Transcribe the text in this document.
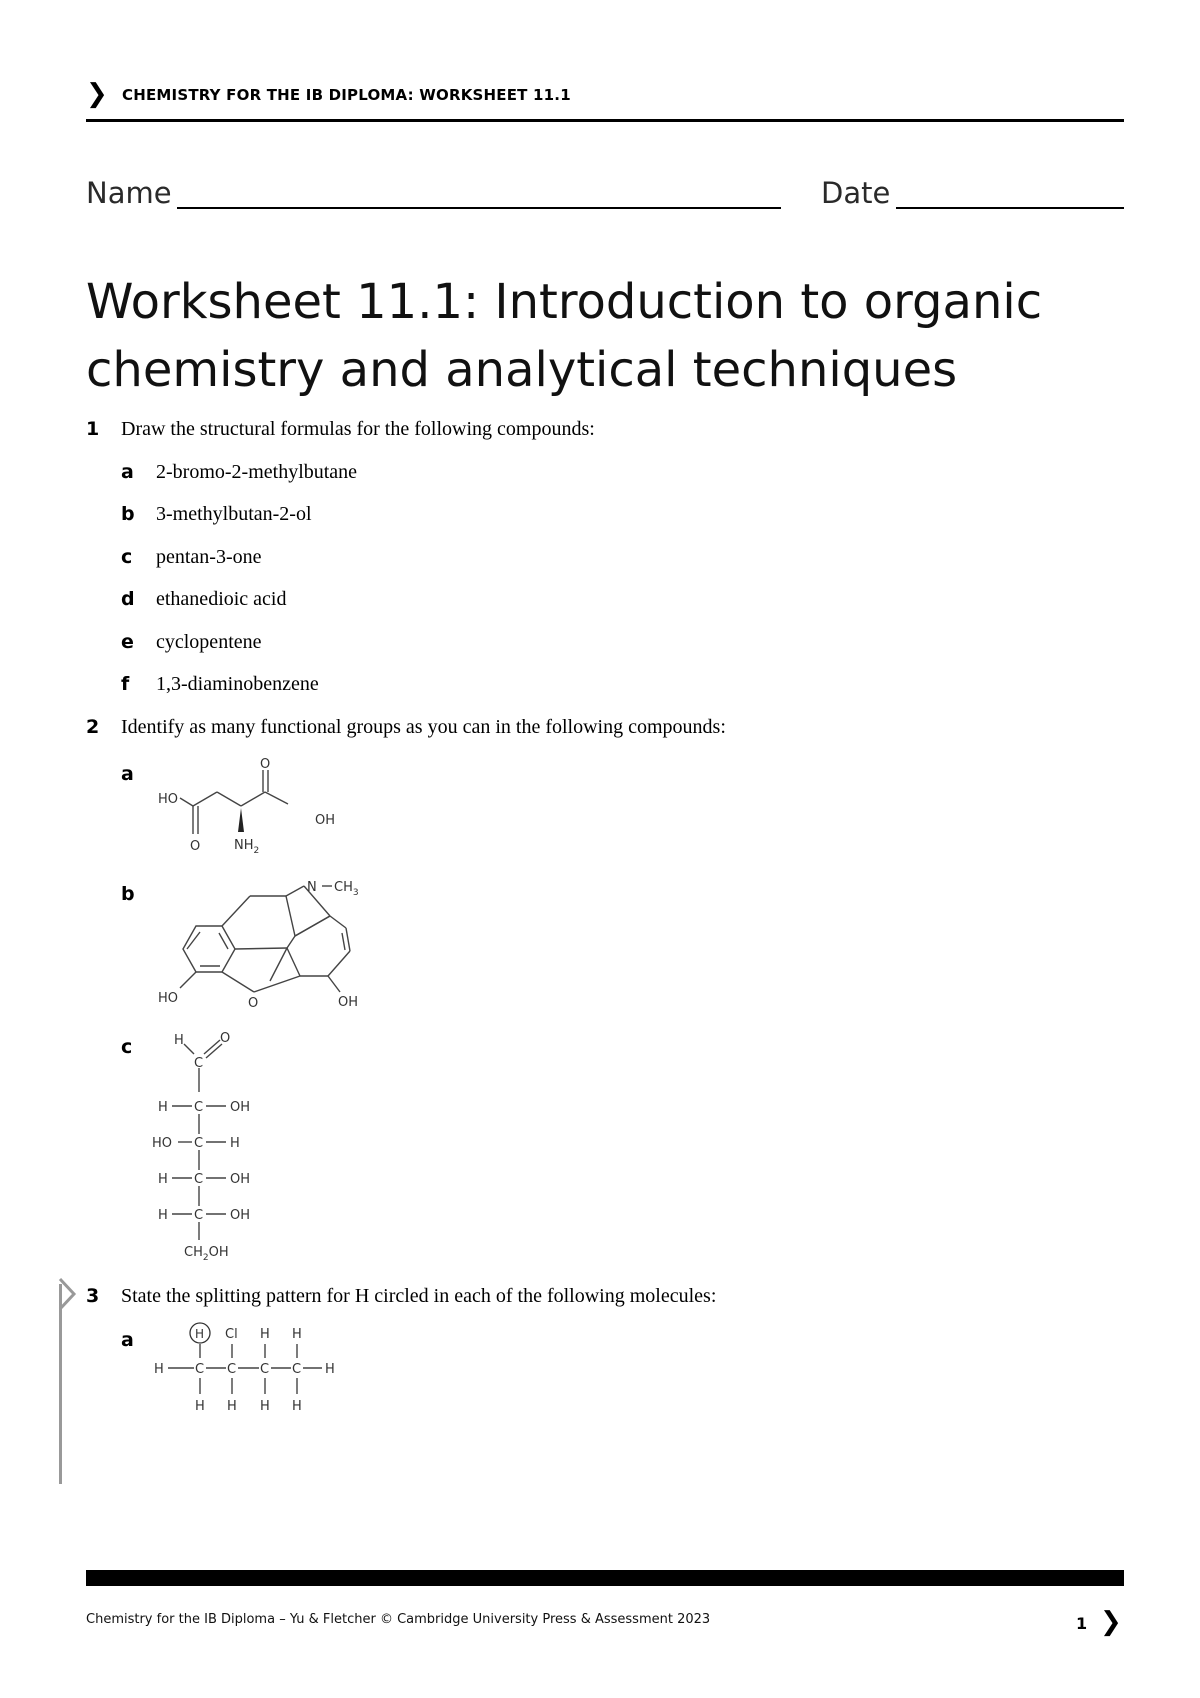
❯ CHEMISTRY FOR THE IB DIPLOMA: WORKSHEET 11.1
Name	Date
Worksheet 11.1: Introduction to organic
chemistry and analytical techniques
1 Draw the structural formulas for the following compounds:
a 2-bromo-2-methylbutane
b 3-methylbutan-2-ol
c pentan-3-one
d ethanedioic acid
e cyclopentene
f 1,3-diaminobenzene
2 Identify as many functional groups as you can in the following compounds:
a
HO
O
OH
O	$NH_2$
b	N $CH_3$
HO	O	OH
c	H	O
C
H C OH
HO C H
H C OH
H C OH
$CH_2OH$
3 State the splitting pattern for H circled in each of the following molecules:
a	H Cl H H
H C C C C H
H H H H
Chemistry for the IB Diploma – Yu & Fletcher © Cambridge University Press & Assessment 2023	1 ❯
